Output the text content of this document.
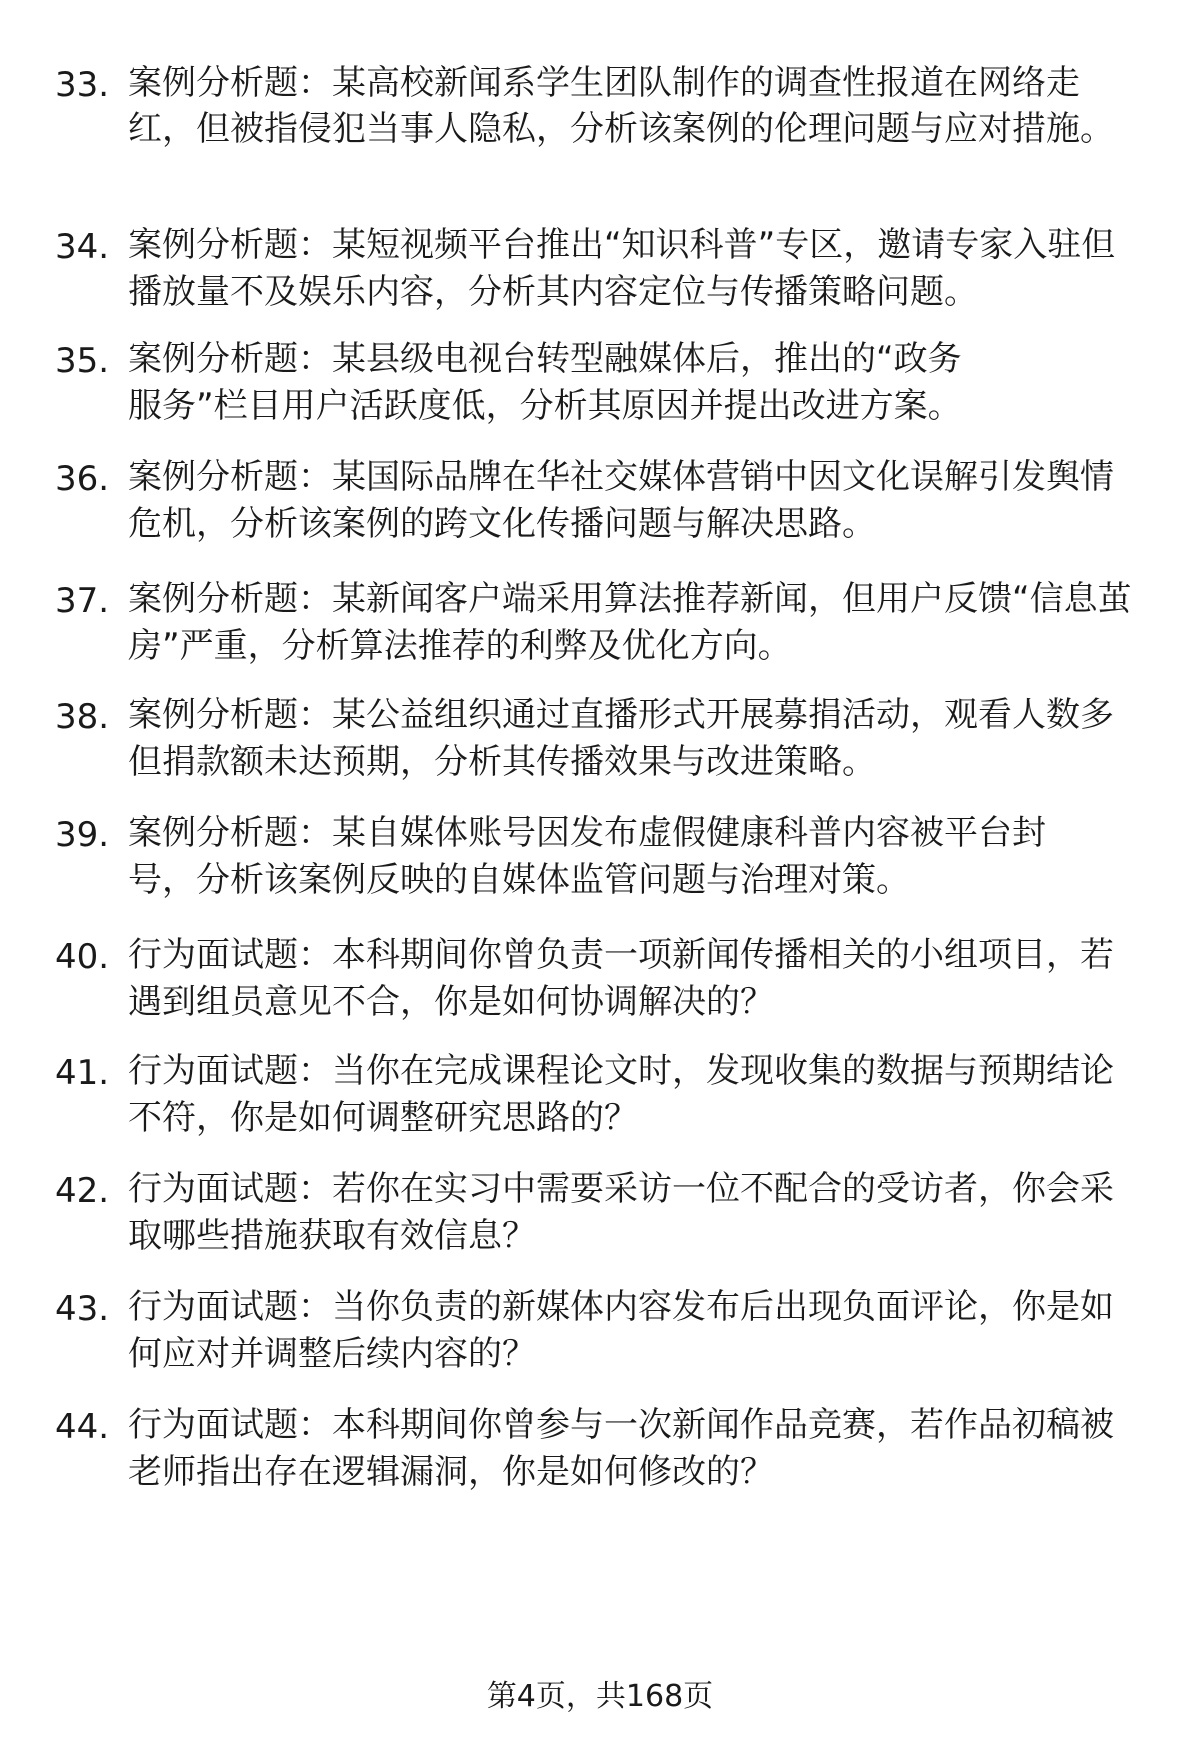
33. 案例分析题：某高校新闻系学生团队制作的调查性报道在网络走红，但被指侵犯当事人隐私，分析该案例的伦理问题与应对措施。
34. 案例分析题：某短视频平台推出“知识科普”专区，邀请专家入驻但播放量不及娱乐内容，分析其内容定位与传播策略问题。
35. 案例分析题：某县级电视台转型融媒体后，推出的“政务服务”栏目用户活跃度低，分析其原因并提出改进方案。
36. 案例分析题：某国际品牌在华社交媒体营销中因文化误解引发舆情危机，分析该案例的跨文化传播问题与解决思路。
37. 案例分析题：某新闻客户端采用算法推荐新闻，但用户反馈“信息茧房”严重，分析算法推荐的利弊及优化方向。
38. 案例分析题：某公益组织通过直播形式开展募捐活动，观看人数多但捐款额未达预期，分析其传播效果与改进策略。
39. 案例分析题：某自媒体账号因发布虚假健康科普内容被平台封号，分析该案例反映的自媒体监管问题与治理对策。
40. 行为面试题：本科期间你曾负责一项新闻传播相关的小组项目，若遇到组员意见不合，你是如何协调解决的？
41. 行为面试题：当你在完成课程论文时，发现收集的数据与预期结论不符，你是如何调整研究思路的？
42. 行为面试题：若你在实习中需要采访一位不配合的受访者，你会采取哪些措施获取有效信息？
43. 行为面试题：当你负责的新媒体内容发布后出现负面评论，你是如何应对并调整后续内容的？
44. 行为面试题：本科期间你曾参与一次新闻作品竞赛，若作品初稿被老师指出存在逻辑漏洞，你是如何修改的？
第4页，共168页
